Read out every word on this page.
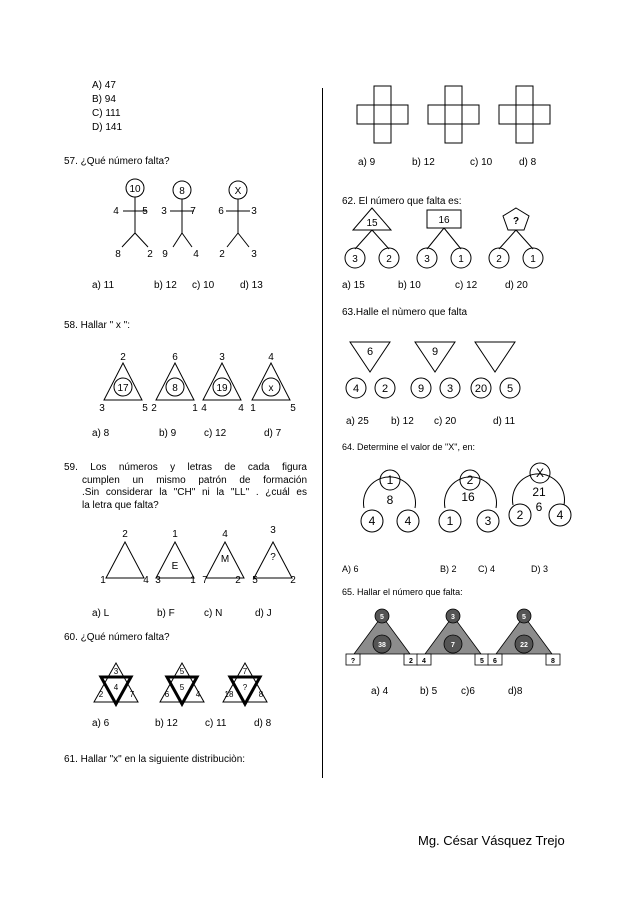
A) 47
B) 94
C) 111
D) 141
57. ¿Qué número falta?
10
4 5
8	2
8
3 7
9	4
X
6	3
2	3
a) 11	b) 12 c) 10	d) 13
58. Hallar " x ":
2
17
3	5
6
8
2	1
3
19
4	4
4
x
1	5
a) 8	b) 9	c) 12	d) 7
59. Los números y letras de cada figura
cumplen un mismo patrón de formación
.Sin considerar la "CH" ni la "LL" . ¿cuál es
la letra que falta?
2
1	4
1
E
3	1
4
M
7	2
3
?
5	2
a) L	b) F	c) N	d) J
60. ¿Qué número falta?
3
2	7
4
5
6	4
5
7
18	8
?
a) 6	b) 12	c) 11	d) 8
61. Hallar "x" en la siguiente distribuciòn:
a) 9	b) 12	c) 10	d) 8
62. El número que falta es:
15
3	2
16
3	1
?
2	1
a) 15	b) 10	c) 12	d) 20
63.Halle el nùmero que falta
6
4 2
9
9 3 20 5
a) 25 b) 12 c) 20	d) 11
64. Determine el valor de "X", en:
1
8
4 4
2
16
1	3
X
21
6
2	4
A) 6	B) 2 C) 4	D) 3
65. Hallar el número que falta:
5
38
3
7
5
22
?	2 4	5 6	8
a) 4	b) 5 c)6	d)8
Mg. César Vásquez Trejo
